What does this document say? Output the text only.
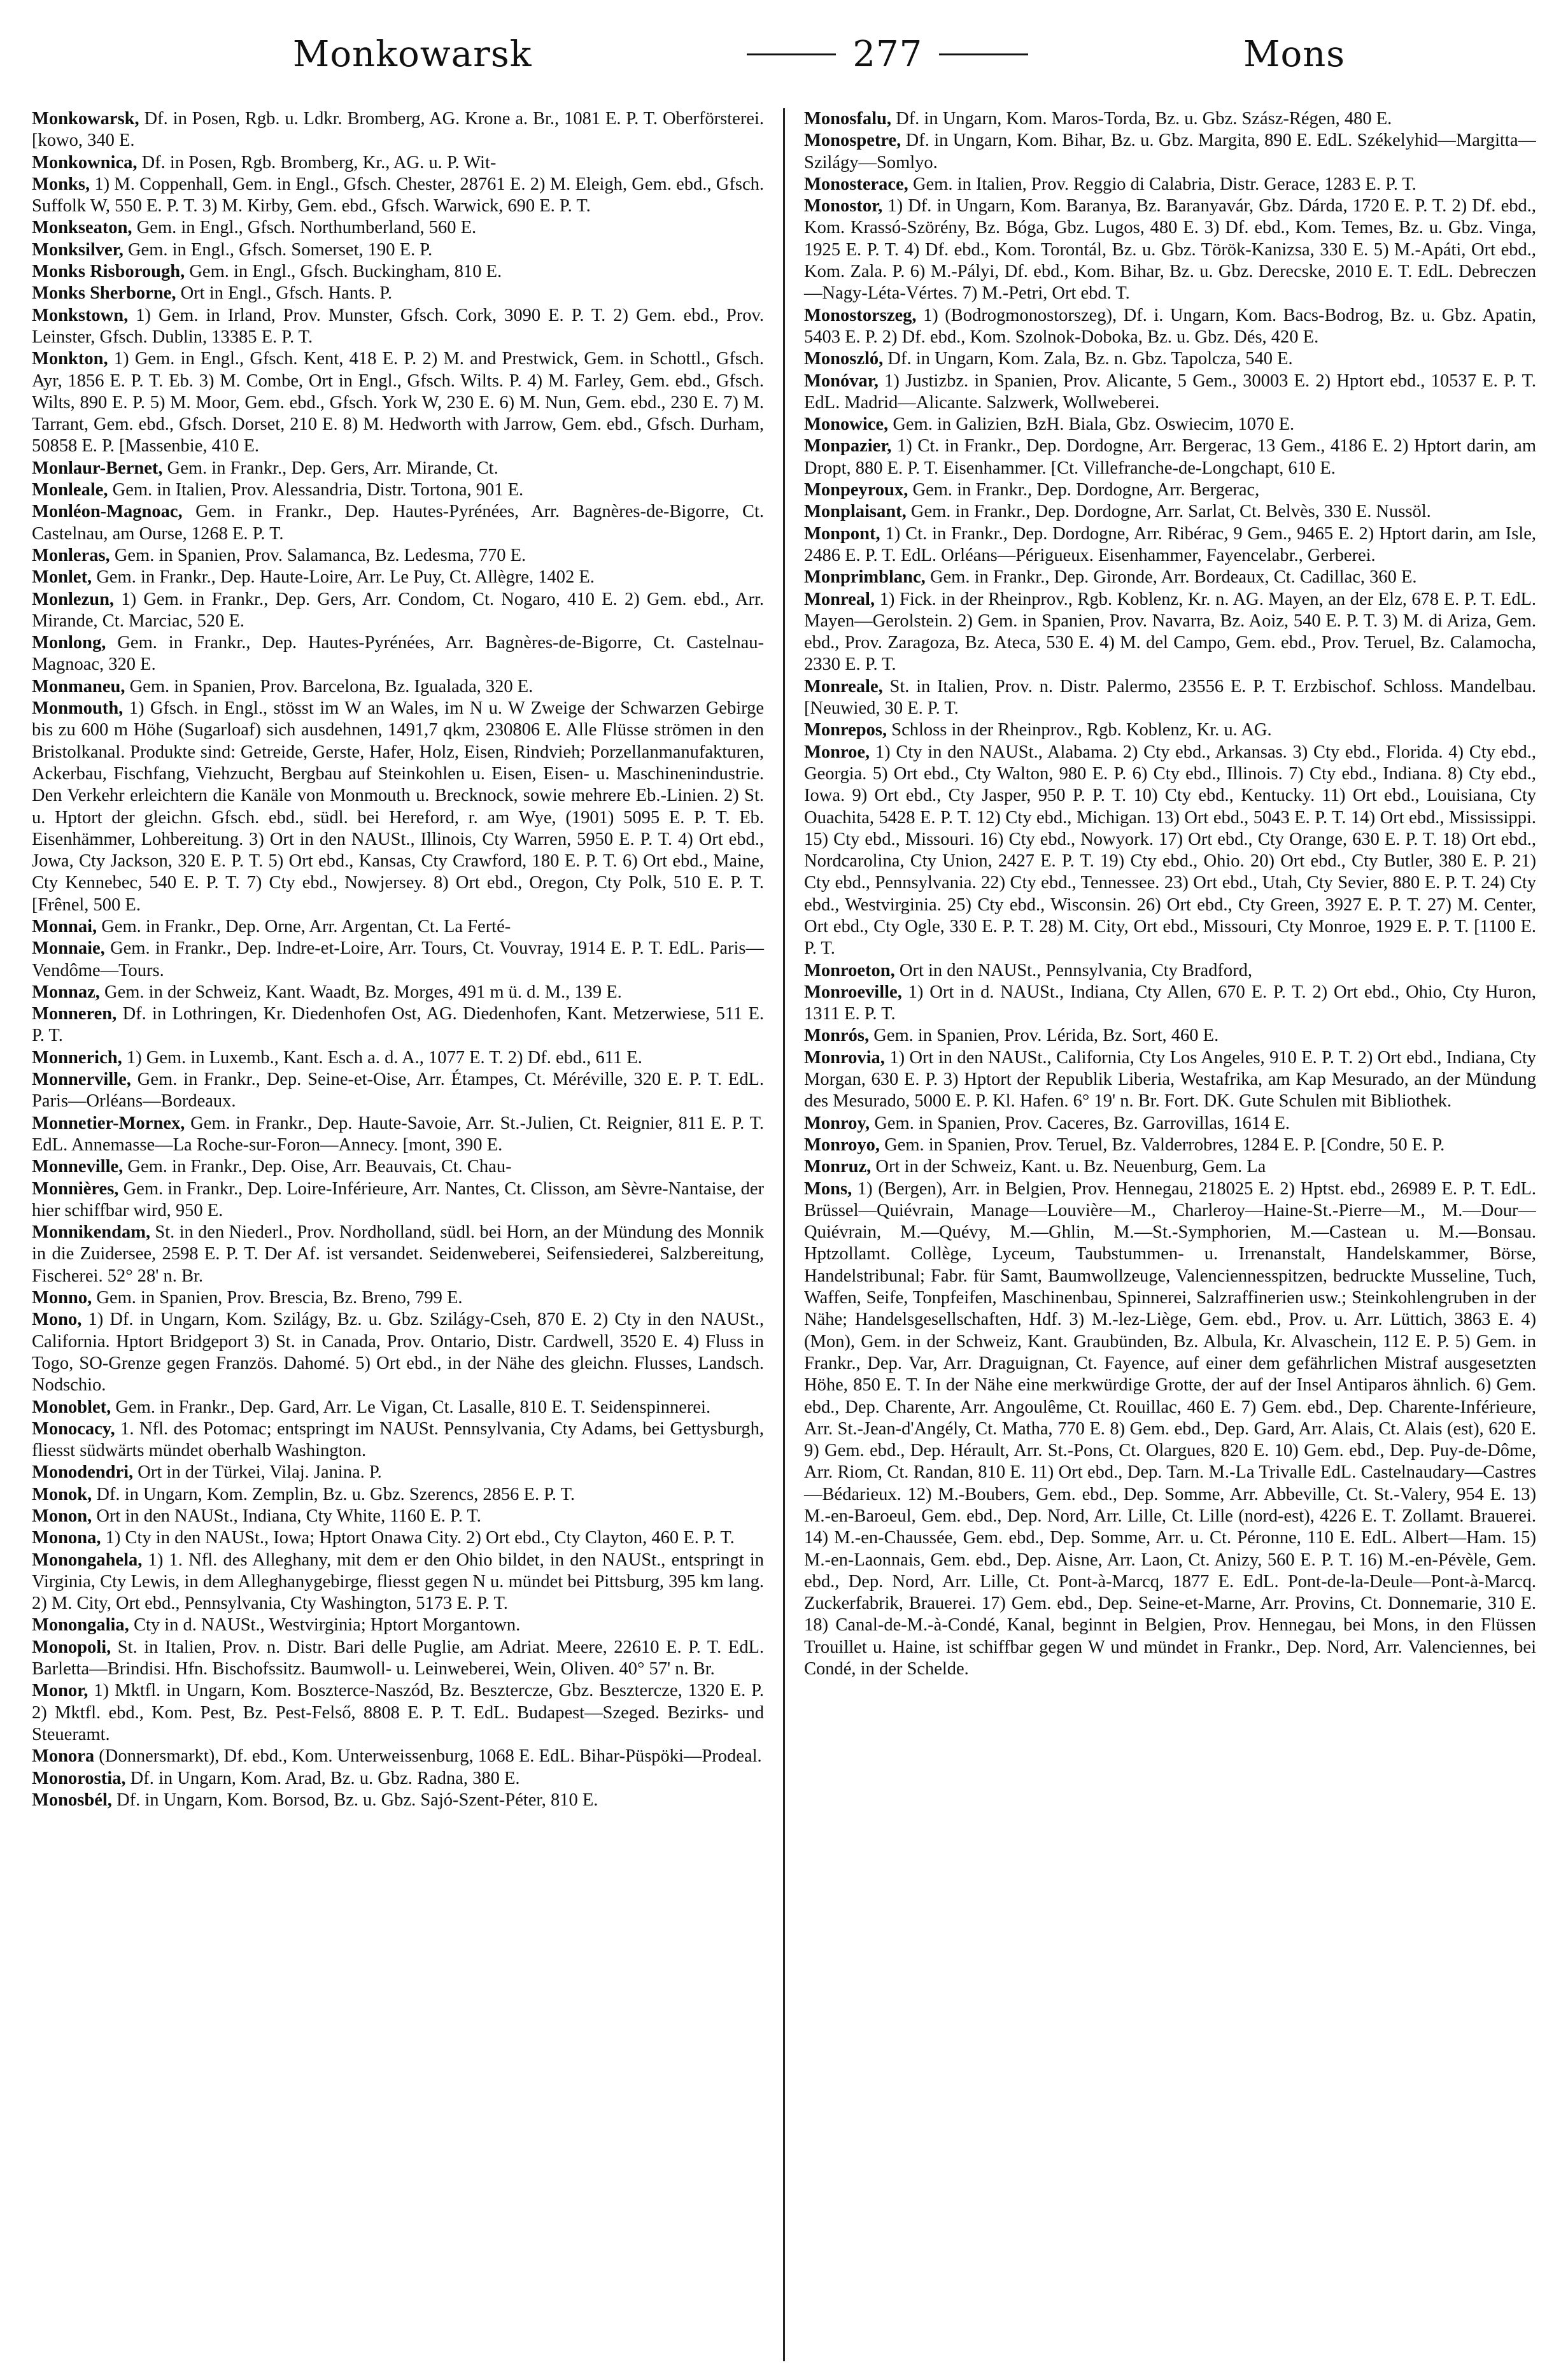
Monkowarsk	277	Mons

Monkowarsk, Df. in Posen, Rgb. u. Ldkr. Bromberg, AG. Krone a. Br., 1081 E. P. T. Oberförsterei. [kowo, 340 E.

Monkownica, Df. in Posen, Rgb. Bromberg, Kr., AG. u. P. Wit-

Monks, 1) M. Coppenhall, Gem. in Engl., Gfsch. Chester, 28761 E. 2) M. Eleigh, Gem. ebd., Gfsch. Suffolk W, 550 E. P. T. 3) M. Kirby, Gem. ebd., Gfsch. Warwick, 690 E. P. T.

Monkseaton, Gem. in Engl., Gfsch. Northumberland, 560 E.

Monksilver, Gem. in Engl., Gfsch. Somerset, 190 E. P.

Monks Risborough, Gem. in Engl., Gfsch. Buckingham, 810 E.

Monks Sherborne, Ort in Engl., Gfsch. Hants. P.

Monkstown, 1) Gem. in Irland, Prov. Munster, Gfsch. Cork, 3090 E. P. T. 2) Gem. ebd., Prov. Leinster, Gfsch. Dublin, 13385 E. P. T.

Monkton, 1) Gem. in Engl., Gfsch. Kent, 418 E. P. 2) M. and Prestwick, Gem. in Schottl., Gfsch. Ayr, 1856 E. P. T. Eb. 3) M. Combe, Ort in Engl., Gfsch. Wilts. P. 4) M. Farley, Gem. ebd., Gfsch. Wilts, 890 E. P. 5) M. Moor, Gem. ebd., Gfsch. York W, 230 E. 6) M. Nun, Gem. ebd., 230 E. 7) M. Tarrant, Gem. ebd., Gfsch. Dorset, 210 E. 8) M. Hedworth with Jarrow, Gem. ebd., Gfsch. Durham, 50858 E. P. [Massenbie, 410 E.

Monlaur-Bernet, Gem. in Frankr., Dep. Gers, Arr. Mirande, Ct.

Monleale, Gem. in Italien, Prov. Alessandria, Distr. Tortona, 901 E.

Monléon-Magnoac, Gem. in Frankr., Dep. Hautes-Pyrénées, Arr. Bagnères-de-Bigorre, Ct. Castelnau, am Ourse, 1268 E. P. T.

Monleras, Gem. in Spanien, Prov. Salamanca, Bz. Ledesma, 770 E.

Monlet, Gem. in Frankr., Dep. Haute-Loire, Arr. Le Puy, Ct. Allègre, 1402 E.

Monlezun, 1) Gem. in Frankr., Dep. Gers, Arr. Condom, Ct. Nogaro, 410 E. 2) Gem. ebd., Arr. Mirande, Ct. Marciac, 520 E.

Monlong, Gem. in Frankr., Dep. Hautes-Pyrénées, Arr. Bagnères-de-Bigorre, Ct. Castelnau-Magnoac, 320 E.

Monmaneu, Gem. in Spanien, Prov. Barcelona, Bz. Igualada, 320 E.

Monmouth, 1) Gfsch. in Engl., stösst im W an Wales, im N u. W Zweige der Schwarzen Gebirge bis zu 600 m Höhe (Sugarloaf) sich ausdehnen, 1491,7 qkm, 230806 E. Alle Flüsse strömen in den Bristolkanal. Produkte sind: Getreide, Gerste, Hafer, Holz, Eisen, Rindvieh; Porzellanmanufakturen, Ackerbau, Fischfang, Viehzucht, Bergbau auf Steinkohlen u. Eisen, Eisen- u. Maschinenindustrie. Den Verkehr erleichtern die Kanäle von Monmouth u. Brecknock, sowie mehrere Eb.-Linien. 2) St. u. Hptort der gleichn. Gfsch. ebd., südl. bei Hereford, r. am Wye, (1901) 5095 E. P. T. Eb. Eisenhämmer, Lohbereitung. 3) Ort in den NAUSt., Illinois, Cty Warren, 5950 E. P. T. 4) Ort ebd., Jowa, Cty Jackson, 320 E. P. T. 5) Ort ebd., Kansas, Cty Crawford, 180 E. P. T. 6) Ort ebd., Maine, Cty Kennebec, 540 E. P. T. 7) Cty ebd., Nowjersey. 8) Ort ebd., Oregon, Cty Polk, 510 E. P. T. [Frênel, 500 E.

Monnai, Gem. in Frankr., Dep. Orne, Arr. Argentan, Ct. La Ferté-

Monnaie, Gem. in Frankr., Dep. Indre-et-Loire, Arr. Tours, Ct. Vouvray, 1914 E. P. T. EdL. Paris—Vendôme—Tours.

Monnaz, Gem. in der Schweiz, Kant. Waadt, Bz. Morges, 491 m ü. d. M., 139 E.

Monneren, Df. in Lothringen, Kr. Diedenhofen Ost, AG. Diedenhofen, Kant. Metzerwiese, 511 E. P. T.

Monnerich, 1) Gem. in Luxemb., Kant. Esch a. d. A., 1077 E. T. 2) Df. ebd., 611 E.

Monnerville, Gem. in Frankr., Dep. Seine-et-Oise, Arr. Étampes, Ct. Méréville, 320 E. P. T. EdL. Paris—Orléans—Bordeaux.

Monnetier-Mornex, Gem. in Frankr., Dep. Haute-Savoie, Arr. St.-Julien, Ct. Reignier, 811 E. P. T. EdL. Annemasse—La Roche-sur-Foron—Annecy. [mont, 390 E.

Monneville, Gem. in Frankr., Dep. Oise, Arr. Beauvais, Ct. Chau-

Monnières, Gem. in Frankr., Dep. Loire-Inférieure, Arr. Nantes, Ct. Clisson, am Sèvre-Nantaise, der hier schiffbar wird, 950 E.

Monnikendam, St. in den Niederl., Prov. Nordholland, südl. bei Horn, an der Mündung des Monnik in die Zuidersee, 2598 E. P. T. Der Af. ist versandet. Seidenweberei, Seifensiederei, Salzbereitung, Fischerei. 52° 28' n. Br.

Monno, Gem. in Spanien, Prov. Brescia, Bz. Breno, 799 E.

Mono, 1) Df. in Ungarn, Kom. Szilágy, Bz. u. Gbz. Szilágy-Cseh, 870 E. 2) Cty in den NAUSt., California. Hptort Bridgeport 3) St. in Canada, Prov. Ontario, Distr. Cardwell, 3520 E. 4) Fluss in Togo, SO-Grenze gegen Französ. Dahomé. 5) Ort ebd., in der Nähe des gleichn. Flusses, Landsch. Nodschio.

Monoblet, Gem. in Frankr., Dep. Gard, Arr. Le Vigan, Ct. Lasalle, 810 E. T. Seidenspinnerei.

Monocacy, 1. Nfl. des Potomac; entspringt im NAUSt. Pennsylvania, Cty Adams, bei Gettysburgh, fliesst südwärts mündet oberhalb Washington.

Monodendri, Ort in der Türkei, Vilaj. Janina. P.

Monok, Df. in Ungarn, Kom. Zemplin, Bz. u. Gbz. Szerencs, 2856 E. P. T.

Monon, Ort in den NAUSt., Indiana, Cty White, 1160 E. P. T.

Monona, 1) Cty in den NAUSt., Iowa; Hptort Onawa City. 2) Ort ebd., Cty Clayton, 460 E. P. T.

Monongahela, 1) 1. Nfl. des Alleghany, mit dem er den Ohio bildet, in den NAUSt., entspringt in Virginia, Cty Lewis, in dem Alleghanygebirge, fliesst gegen N u. mündet bei Pittsburg, 395 km lang. 2) M. City, Ort ebd., Pennsylvania, Cty Washington, 5173 E. P. T.

Monongalia, Cty in d. NAUSt., Westvirginia; Hptort Morgantown.

Monopoli, St. in Italien, Prov. n. Distr. Bari delle Puglie, am Adriat. Meere, 22610 E. P. T. EdL. Barletta—Brindisi. Hfn. Bischofssitz. Baumwoll- u. Leinweberei, Wein, Oliven. 40° 57' n. Br.

Monor, 1) Mktfl. in Ungarn, Kom. Boszterce-Naszód, Bz. Besztercze, Gbz. Besztercze, 1320 E. P. 2) Mktfl. ebd., Kom. Pest, Bz. Pest-Felső, 8808 E. P. T. EdL. Budapest—Szeged. Bezirks- und Steueramt.

Monora (Donnersmarkt), Df. ebd., Kom. Unterweissenburg, 1068 E. EdL. Bihar-Püspöki—Prodeal.

Monorostia, Df. in Ungarn, Kom. Arad, Bz. u. Gbz. Radna, 380 E.

Monosbél, Df. in Ungarn, Kom. Borsod, Bz. u. Gbz. Sajó-Szent-Péter, 810 E.

Monosfalu, Df. in Ungarn, Kom. Maros-Torda, Bz. u. Gbz. Szász-Régen, 480 E.

Monospetre, Df. in Ungarn, Kom. Bihar, Bz. u. Gbz. Margita, 890 E. EdL. Székelyhid—Margitta—Szilágy—Somlyo.

Monosterace, Gem. in Italien, Prov. Reggio di Calabria, Distr. Gerace, 1283 E. P. T.

Monostor, 1) Df. in Ungarn, Kom. Baranya, Bz. Baranyavár, Gbz. Dárda, 1720 E. P. T. 2) Df. ebd., Kom. Krassó-Szörény, Bz. Bóga, Gbz. Lugos, 480 E. 3) Df. ebd., Kom. Temes, Bz. u. Gbz. Vinga, 1925 E. P. T. 4) Df. ebd., Kom. Torontál, Bz. u. Gbz. Török-Kanizsa, 330 E. 5) M.-Apáti, Ort ebd., Kom. Zala. P. 6) M.-Pályi, Df. ebd., Kom. Bihar, Bz. u. Gbz. Derecske, 2010 E. T. EdL. Debreczen—Nagy-Léta-Vértes. 7) M.-Petri, Ort ebd. T.

Monostorszeg, 1) (Bodrogmonostorszeg), Df. i. Ungarn, Kom. Bacs-Bodrog, Bz. u. Gbz. Apatin, 5403 E. P. 2) Df. ebd., Kom. Szolnok-Doboka, Bz. u. Gbz. Dés, 420 E.

Monoszló, Df. in Ungarn, Kom. Zala, Bz. n. Gbz. Tapolcza, 540 E.

Monóvar, 1) Justizbz. in Spanien, Prov. Alicante, 5 Gem., 30003 E. 2) Hptort ebd., 10537 E. P. T. EdL. Madrid—Alicante. Salzwerk, Wollweberei.

Monowice, Gem. in Galizien, BzH. Biala, Gbz. Oswiecim, 1070 E.

Monpazier, 1) Ct. in Frankr., Dep. Dordogne, Arr. Bergerac, 13 Gem., 4186 E. 2) Hptort darin, am Dropt, 880 E. P. T. Eisenhammer. [Ct. Villefranche-de-Longchapt, 610 E.

Monpeyroux, Gem. in Frankr., Dep. Dordogne, Arr. Bergerac,

Monplaisant, Gem. in Frankr., Dep. Dordogne, Arr. Sarlat, Ct. Belvès, 330 E. Nussöl.

Monpont, 1) Ct. in Frankr., Dep. Dordogne, Arr. Ribérac, 9 Gem., 9465 E. 2) Hptort darin, am Isle, 2486 E. P. T. EdL. Orléans—Périgueux. Eisenhammer, Fayencelabr., Gerberei.

Monprimblanc, Gem. in Frankr., Dep. Gironde, Arr. Bordeaux, Ct. Cadillac, 360 E.

Monreal, 1) Fick. in der Rheinprov., Rgb. Koblenz, Kr. n. AG. Mayen, an der Elz, 678 E. P. T. EdL. Mayen—Gerolstein. 2) Gem. in Spanien, Prov. Navarra, Bz. Aoiz, 540 E. P. T. 3) M. di Ariza, Gem. ebd., Prov. Zaragoza, Bz. Ateca, 530 E. 4) M. del Campo, Gem. ebd., Prov. Teruel, Bz. Calamocha, 2330 E. P. T.

Monreale, St. in Italien, Prov. n. Distr. Palermo, 23556 E. P. T. Erzbischof. Schloss. Mandelbau. [Neuwied, 30 E. P. T.

Monrepos, Schloss in der Rheinprov., Rgb. Koblenz, Kr. u. AG.

Monroe, 1) Cty in den NAUSt., Alabama. 2) Cty ebd., Arkansas. 3) Cty ebd., Florida. 4) Cty ebd., Georgia. 5) Ort ebd., Cty Walton, 980 E. P. 6) Cty ebd., Illinois. 7) Cty ebd., Indiana. 8) Cty ebd., Iowa. 9) Ort ebd., Cty Jasper, 950 P. P. T. 10) Cty ebd., Kentucky. 11) Ort ebd., Louisiana, Cty Ouachita, 5428 E. P. T. 12) Cty ebd., Michigan. 13) Ort ebd., 5043 E. P. T. 14) Ort ebd., Mississippi. 15) Cty ebd., Missouri. 16) Cty ebd., Nowyork. 17) Ort ebd., Cty Orange, 630 E. P. T. 18) Ort ebd., Nordcarolina, Cty Union, 2427 E. P. T. 19) Cty ebd., Ohio. 20) Ort ebd., Cty Butler, 380 E. P. 21) Cty ebd., Pennsylvania. 22) Cty ebd., Tennessee. 23) Ort ebd., Utah, Cty Sevier, 880 E. P. T. 24) Cty ebd., Westvirginia. 25) Cty ebd., Wisconsin. 26) Ort ebd., Cty Green, 3927 E. P. T. 27) M. Center, Ort ebd., Cty Ogle, 330 E. P. T. 28) M. City, Ort ebd., Missouri, Cty Monroe, 1929 E. P. T. [1100 E. P. T.

Monroeton, Ort in den NAUSt., Pennsylvania, Cty Bradford,

Monroeville, 1) Ort in d. NAUSt., Indiana, Cty Allen, 670 E. P. T. 2) Ort ebd., Ohio, Cty Huron, 1311 E. P. T.

Monrós, Gem. in Spanien, Prov. Lérida, Bz. Sort, 460 E.

Monrovia, 1) Ort in den NAUSt., California, Cty Los Angeles, 910 E. P. T. 2) Ort ebd., Indiana, Cty Morgan, 630 E. P. 3) Hptort der Republik Liberia, Westafrika, am Kap Mesurado, an der Mündung des Mesurado, 5000 E. P. Kl. Hafen. 6° 19' n. Br. Fort. DK. Gute Schulen mit Bibliothek.

Monroy, Gem. in Spanien, Prov. Caceres, Bz. Garrovillas, 1614 E.

Monroyo, Gem. in Spanien, Prov. Teruel, Bz. Valderrobres, 1284 E. P. [Condre, 50 E. P.

Monruz, Ort in der Schweiz, Kant. u. Bz. Neuenburg, Gem. La

Mons, 1) (Bergen), Arr. in Belgien, Prov. Hennegau, 218025 E. 2) Hptst. ebd., 26989 E. P. T. EdL. Brüssel—Quiévrain, Manage—Louvière—M., Charleroy—Haine-St.-Pierre—M., M.—Dour—Quiévrain, M.—Quévy, M.—Ghlin, M.—St.-Symphorien, M.—Castean u. M.—Bonsau. Hptzollamt. Collège, Lyceum, Taubstummen- u. Irrenanstalt, Handelskammer, Börse, Handelstribunal; Fabr. für Samt, Baumwollzeuge, Valenciennesspitzen, bedruckte Musseline, Tuch, Waffen, Seife, Tonpfeifen, Maschinenbau, Spinnerei, Salzraffinerien usw.; Steinkohlengruben in der Nähe; Handelsgesellschaften, Hdf. 3) M.-lez-Liège, Gem. ebd., Prov. u. Arr. Lüttich, 3863 E. 4) (Mon), Gem. in der Schweiz, Kant. Graubünden, Bz. Albula, Kr. Alvaschein, 112 E. P. 5) Gem. in Frankr., Dep. Var, Arr. Draguignan, Ct. Fayence, auf einer dem gefährlichen Mistraf ausgesetzten Höhe, 850 E. T. In der Nähe eine merkwürdige Grotte, der auf der Insel Antiparos ähnlich. 6) Gem. ebd., Dep. Charente, Arr. Angoulême, Ct. Rouillac, 460 E. 7) Gem. ebd., Dep. Charente-Inférieure, Arr. St.-Jean-d'Angély, Ct. Matha, 770 E. 8) Gem. ebd., Dep. Gard, Arr. Alais, Ct. Alais (est), 620 E. 9) Gem. ebd., Dep. Hérault, Arr. St.-Pons, Ct. Olargues, 820 E. 10) Gem. ebd., Dep. Puy-de-Dôme, Arr. Riom, Ct. Randan, 810 E. 11) Ort ebd., Dep. Tarn. M.-La Trivalle EdL. Castelnaudary—Castres—Bédarieux. 12) M.-Boubers, Gem. ebd., Dep. Somme, Arr. Abbeville, Ct. St.-Valery, 954 E. 13) M.-en-Baroeul, Gem. ebd., Dep. Nord, Arr. Lille, Ct. Lille (nord-est), 4226 E. T. Zollamt. Brauerei. 14) M.-en-Chaussée, Gem. ebd., Dep. Somme, Arr. u. Ct. Péronne, 110 E. EdL. Albert—Ham. 15) M.-en-Laonnais, Gem. ebd., Dep. Aisne, Arr. Laon, Ct. Anizy, 560 E. P. T. 16) M.-en-Pévèle, Gem. ebd., Dep. Nord, Arr. Lille, Ct. Pont-à-Marcq, 1877 E. EdL. Pont-de-la-Deule—Pont-à-Marcq. Zuckerfabrik, Brauerei. 17) Gem. ebd., Dep. Seine-et-Marne, Arr. Provins, Ct. Donnemarie, 310 E. 18) Canal-de-M.-à-Condé, Kanal, beginnt in Belgien, Prov. Hennegau, bei Mons, in den Flüssen Trouillet u. Haine, ist schiffbar gegen W und mündet in Frankr., Dep. Nord, Arr. Valenciennes, bei Condé, in der Schelde.
